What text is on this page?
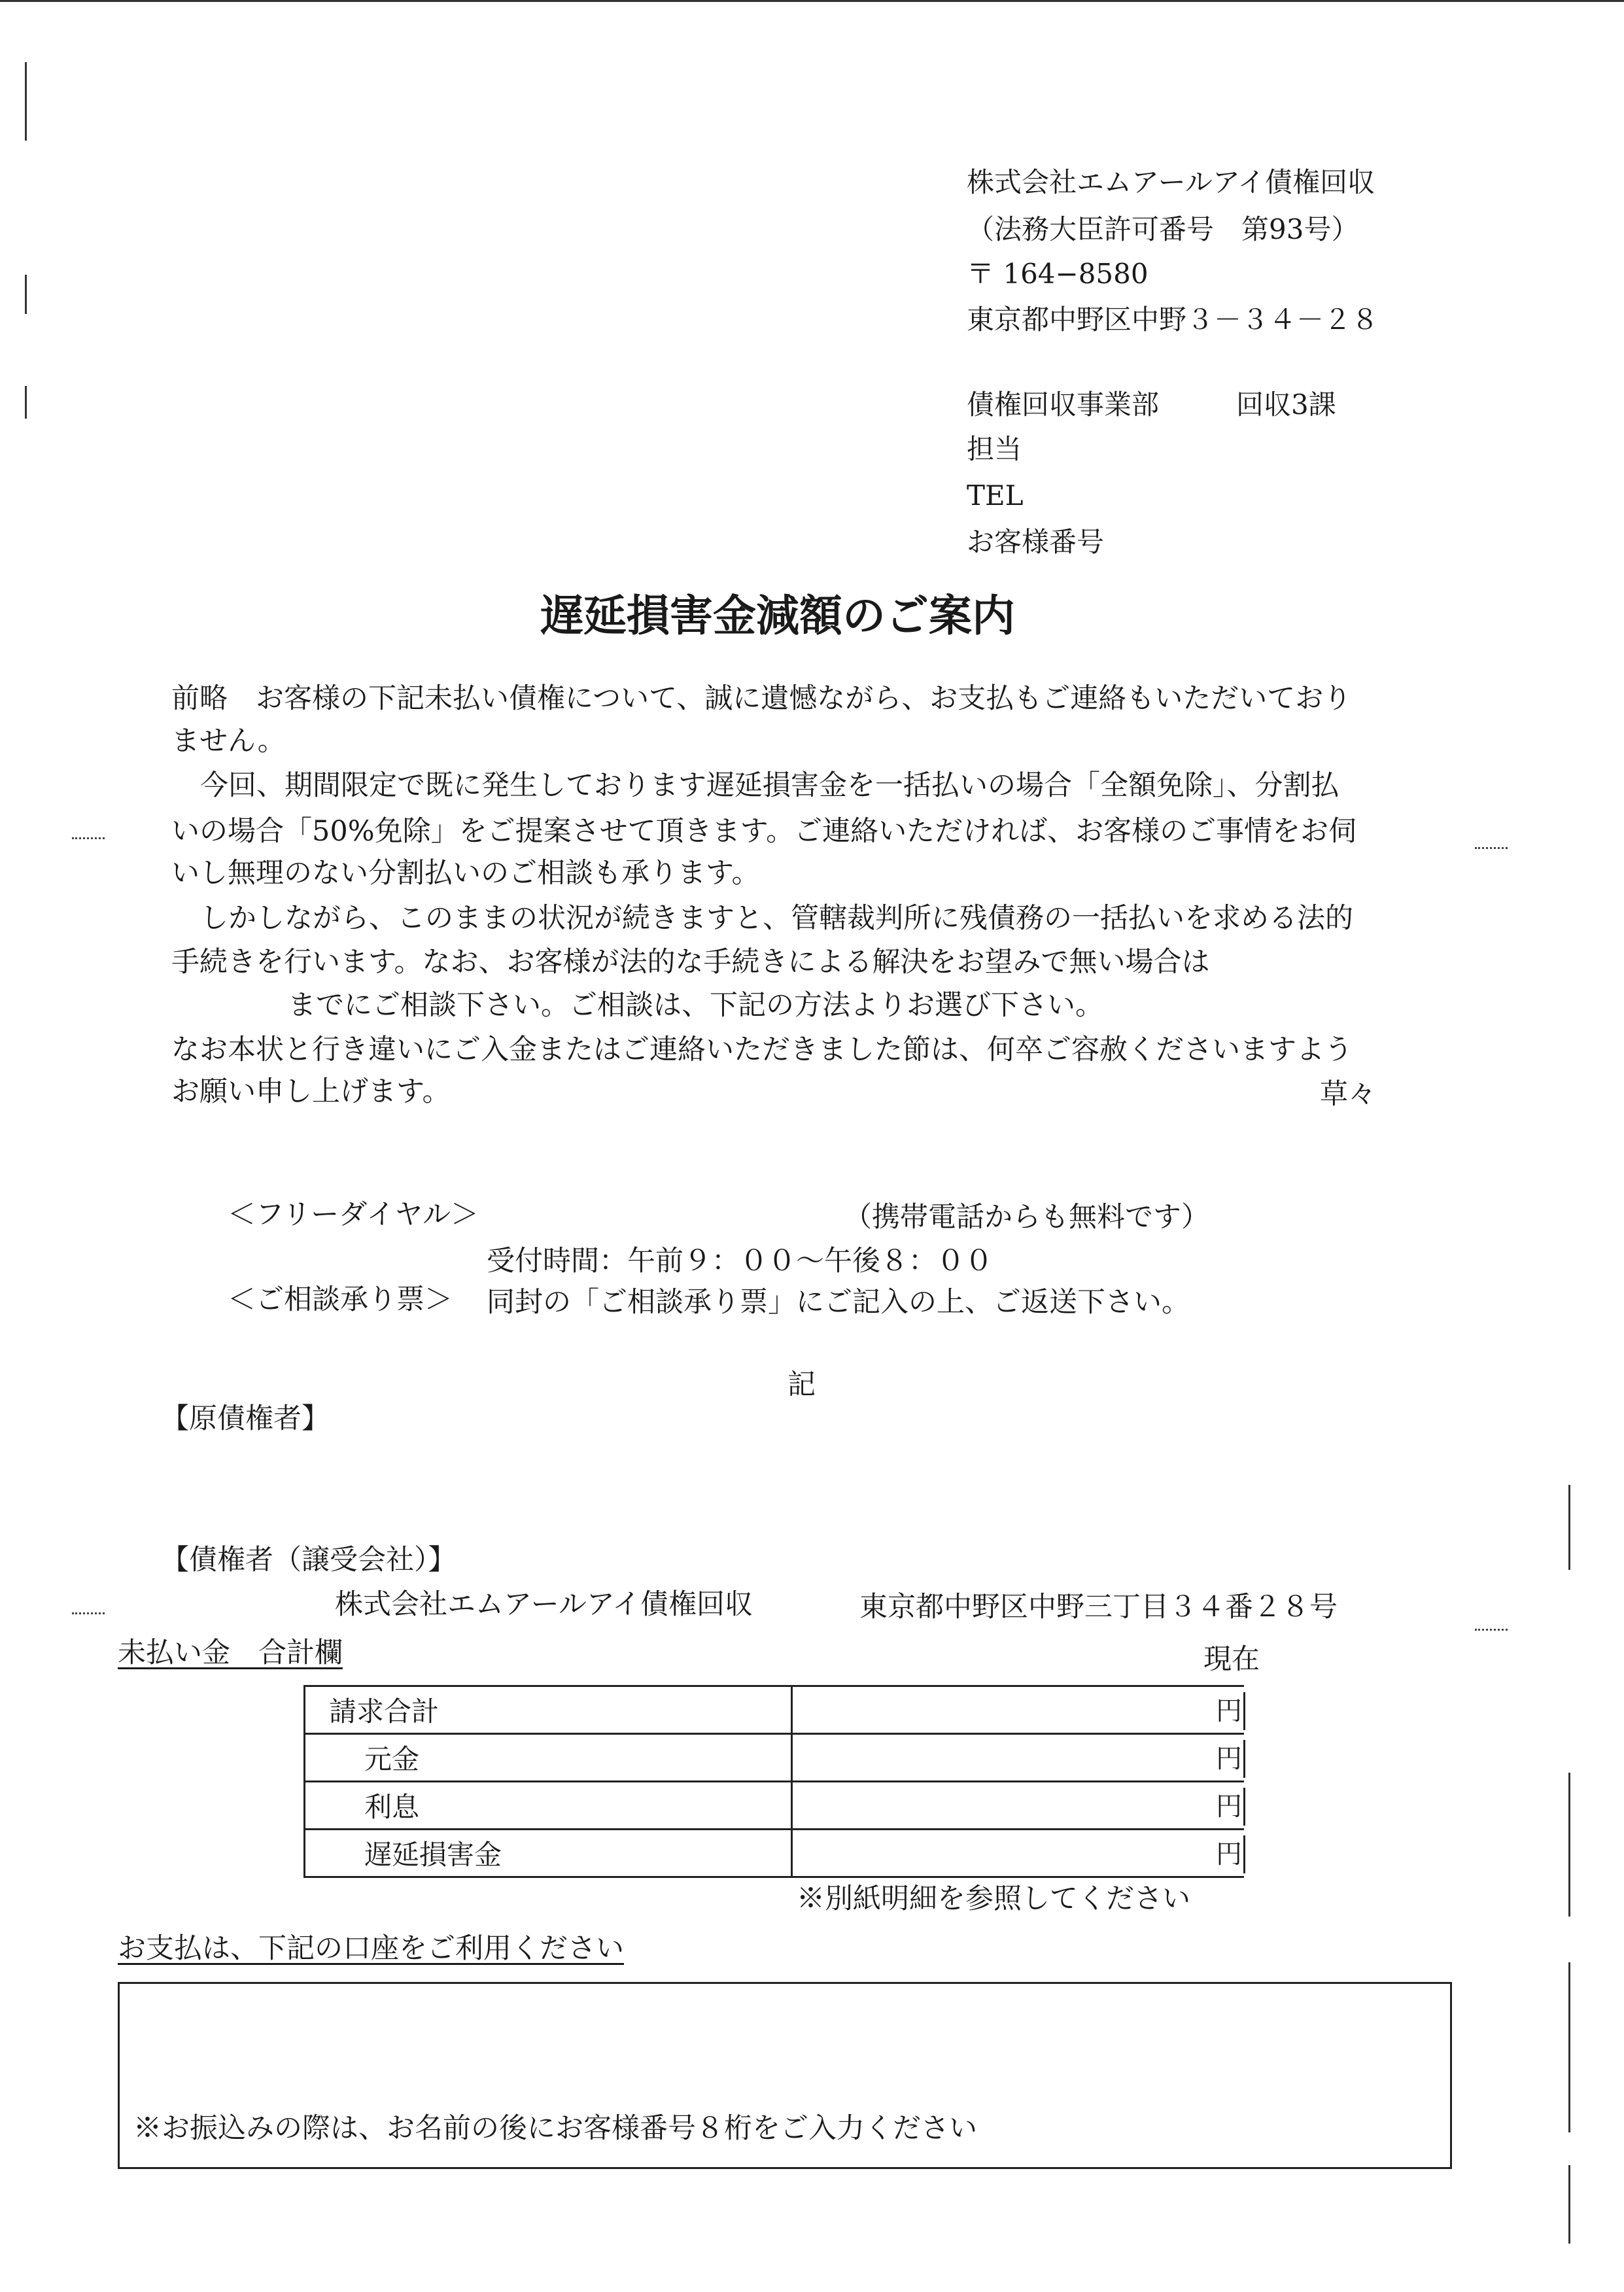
株式会社エムアールアイ債権回収
（法務大臣許可番号　第93号）
〒 164−8580
東京都中野区中野３－３４－２８
債権回収事業部	回収3課
担当
TEL
お客様番号
遅延損害金減額のご案内
前略　お客様の下記未払い債権について、誠に遺憾ながら、お支払もご連絡もいただいており
ません。
今回、期間限定で既に発生しております遅延損害金を一括払いの場合「全額免除」、分割払
いの場合「50%免除」をご提案させて頂きます。ご連絡いただければ、お客様のご事情をお伺
いし無理のない分割払いのご相談も承ります。
しかしながら、このままの状況が続きますと、管轄裁判所に残債務の一括払いを求める法的
手続きを行います。なお、お客様が法的な手続きによる解決をお望みで無い場合は
までにご相談下さい。ご相談は、下記の方法よりお選び下さい。
なお本状と行き違いにご入金またはご連絡いただきました節は、何卒ご容赦くださいますよう
お願い申し上げます。	草々
＜フリーダイヤル＞	（携帯電話からも無料です）
受付時間：午前９：００～午後８：００
＜ご相談承り票＞ 同封の「ご相談承り票」にご記入の上、ご返送下さい。
記
【原債権者】
【債権者（譲受会社）】
株式会社エムアールアイ債権回収	東京都中野区中野三丁目３４番２８号
未払い金　合計欄	現在
請求合計	円

元金	円

利息	円

遅延損害金	円
※別紙明細を参照してください
お支払は、下記の口座をご利用ください
※お振込みの際は、お名前の後にお客様番号８桁をご入力ください
